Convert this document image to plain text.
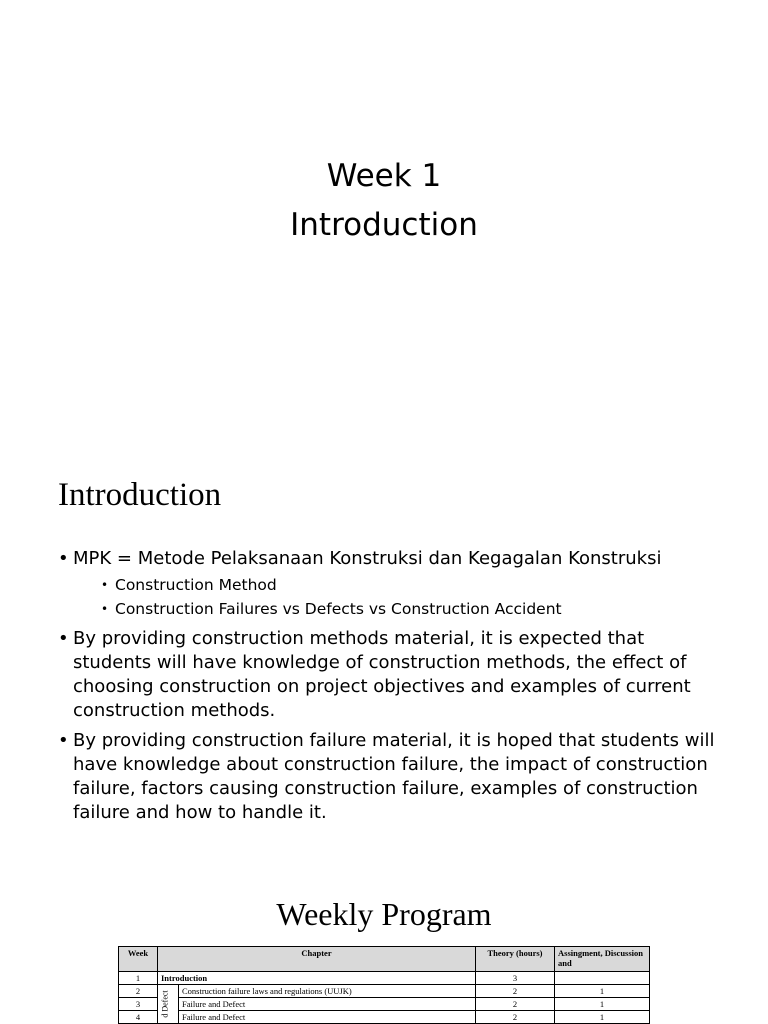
Week 1
Introduction
Introduction
• MPK = Metode Pelaksanaan Konstruksi dan Kegagalan Konstruksi
• Construction Method
• Construction Failures vs Defects vs Construction Accident
• By providing construction methods material, it is expected that students will have knowledge of construction methods, the effect of choosing construction on project objectives and examples of current construction methods.
• By providing construction failure material, it is hoped that students will have knowledge about construction failure, the impact of construction failure, factors causing construction failure, examples of construction failure and how to handle it.
Weekly Program
Week	Chapter		Theory (hours)	Assingment, Discussion and
1	Introduction		3	
2	d Defect	Construction failure laws and regulations (UUJK)	2	1
3		Failure and Defect	2	1
4		Failure and Defect	2	1
